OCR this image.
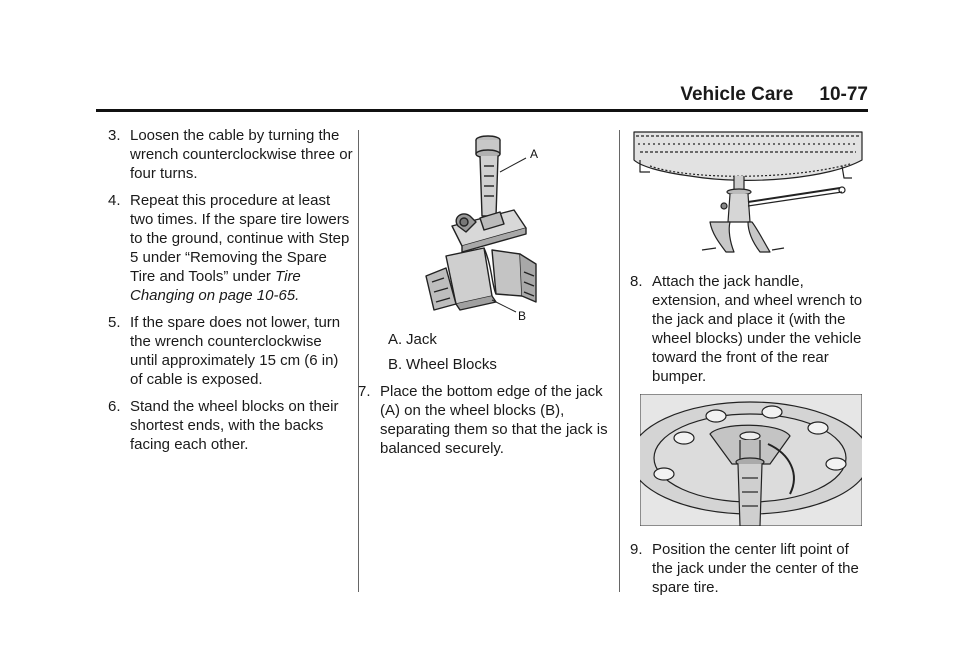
Vehicle Care 10-77
3. Loosen the cable by turning the wrench counterclockwise three or four turns.
4. Repeat this procedure at least two times. If the spare tire lowers to the ground, continue with Step 5 under “Removing the Spare Tire and Tools” under Tire Changing on page 10-65.
5. If the spare does not lower, turn the wrench counterclockwise until approximately 15 cm (6 in) of cable is exposed.
6. Stand the wheel blocks on their shortest ends, with the backs facing each other.
A
B
A. Jack
B. Wheel Blocks
7. Place the bottom edge of the jack (A) on the wheel blocks (B), separating them so that the jack is balanced securely.
8. Attach the jack handle, extension, and wheel wrench to the jack and place it (with the wheel blocks) under the vehicle toward the front of the rear bumper.
9. Position the center lift point of the jack under the center of the spare tire.
